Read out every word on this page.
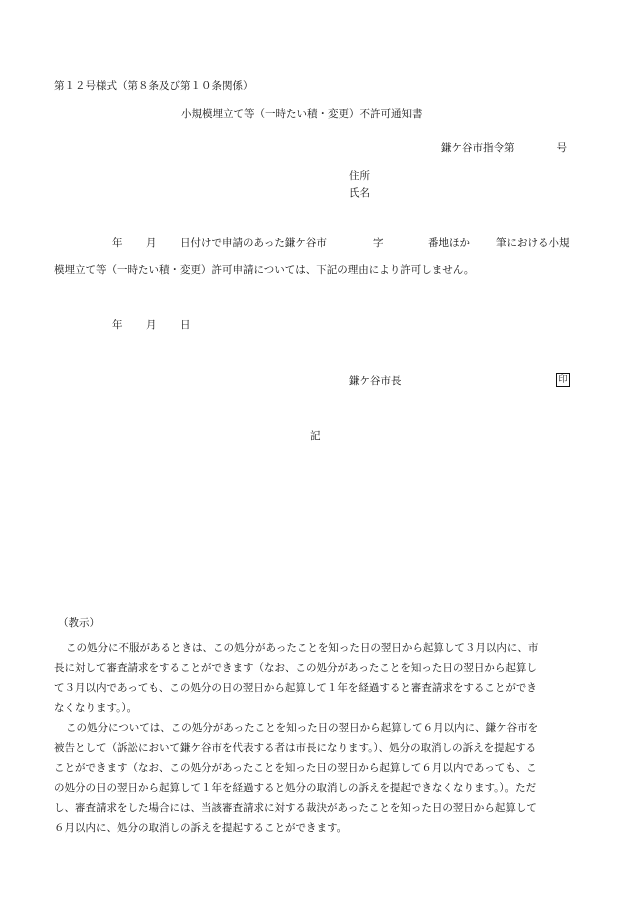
第１２号様式（第８条及び第１０条関係）
小規模埋立て等（一時たい積・変更）不許可通知書
鎌ケ谷市指令第　　　　号
住所
氏名
年 月 日付けで申請のあった鎌ケ谷市	字	番地ほか 筆における小規
模埋立て等（一時たい積・変更）許可申請については、下記の理由により許可しません。
年 月 日
鎌ケ谷市長	印
記
（教示）
この処分に不服があるときは、この処分があったことを知った日の翌日から起算して３月以内に、市
長に対して審査請求をすることができます（なお、この処分があったことを知った日の翌日から起算し
て３月以内であっても、この処分の日の翌日から起算して１年を経過すると審査請求をすることができ
なくなります。）。
この処分については、この処分があったことを知った日の翌日から起算して６月以内に、鎌ケ谷市を
被告として（訴訟において鎌ケ谷市を代表する者は市長になります。）、処分の取消しの訴えを提起する
ことができます（なお、この処分があったことを知った日の翌日から起算して６月以内であっても、こ
の処分の日の翌日から起算して１年を経過すると処分の取消しの訴えを提起できなくなります。）。ただ
し、審査請求をした場合には、当該審査請求に対する裁決があったことを知った日の翌日から起算して
６月以内に、処分の取消しの訴えを提起することができます。
